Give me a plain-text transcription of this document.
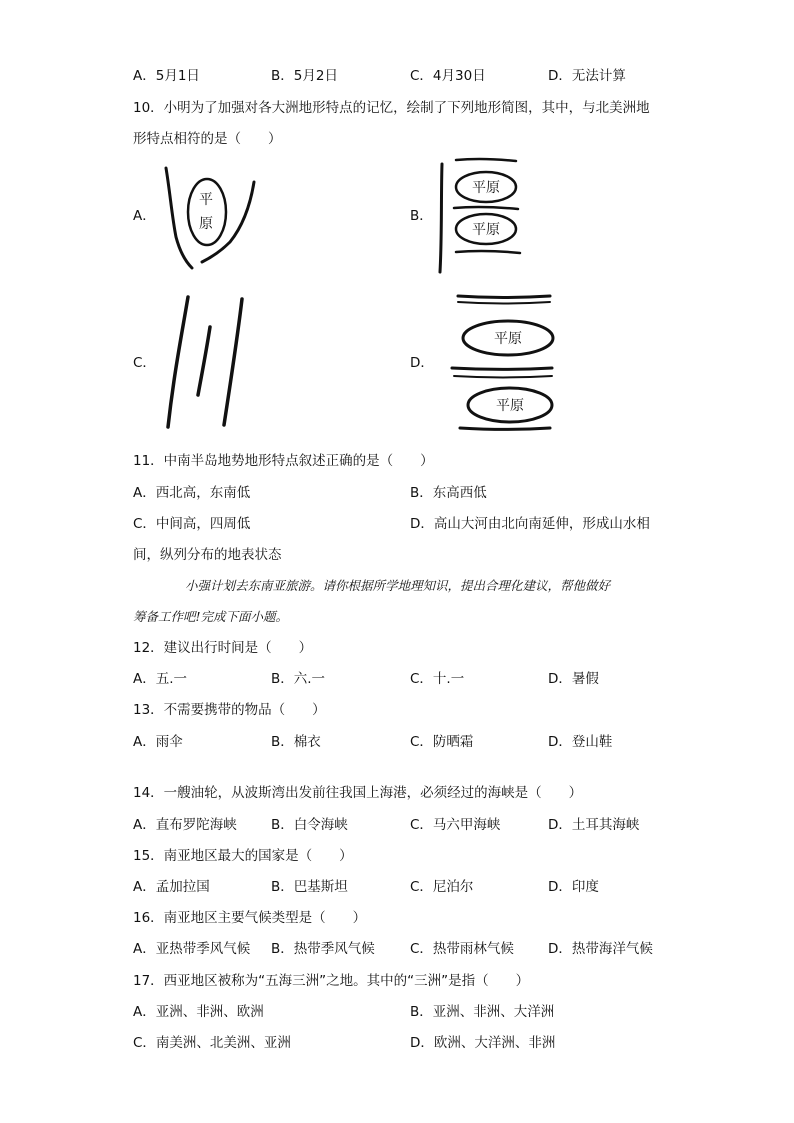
A．5月1日	B．5月2日	C．4月30日	D．无法计算
10．小明为了加强对各大洲地形特点的记忆，绘制了下列地形简图，其中，与北美洲地
形特点相符的是（　　）
A．	B．
C．	D．
平
原
平原
平原
平原
平原
11．中南半岛地势地形特点叙述正确的是（　　）
A．西北高，东南低	B．东高西低
C．中间高，四周低	D．高山大河由北向南延伸，形成山水相
间，纵列分布的地表状态
小强计划去东南亚旅游。请你根据所学地理知识，提出合理化建议，帮他做好
筹备工作吧!完成下面小题。
12．建议出行时间是（　　）
A．五.一	B．六.一	C．十.一	D．暑假
13．不需要携带的物品（　　）
A．雨伞	B．棉衣	C．防晒霜	D．登山鞋
14．一艘油轮，从波斯湾出发前往我国上海港，必须经过的海峡是（　　）
A．直布罗陀海峡	B．白令海峡	C．马六甲海峡	D．土耳其海峡
15．南亚地区最大的国家是（　　）
A．孟加拉国	B．巴基斯坦	C．尼泊尔	D．印度
16．南亚地区主要气候类型是（　　）
A．亚热带季风气候 B．热带季风气候	C．热带雨林气候	D．热带海洋气候
17．西亚地区被称为“五海三洲”之地。其中的“三洲”是指（　　）
A．亚洲、非洲、欧洲	B．亚洲、非洲、大洋洲
C．南美洲、北美洲、亚洲	D．欧洲、大洋洲、非洲
